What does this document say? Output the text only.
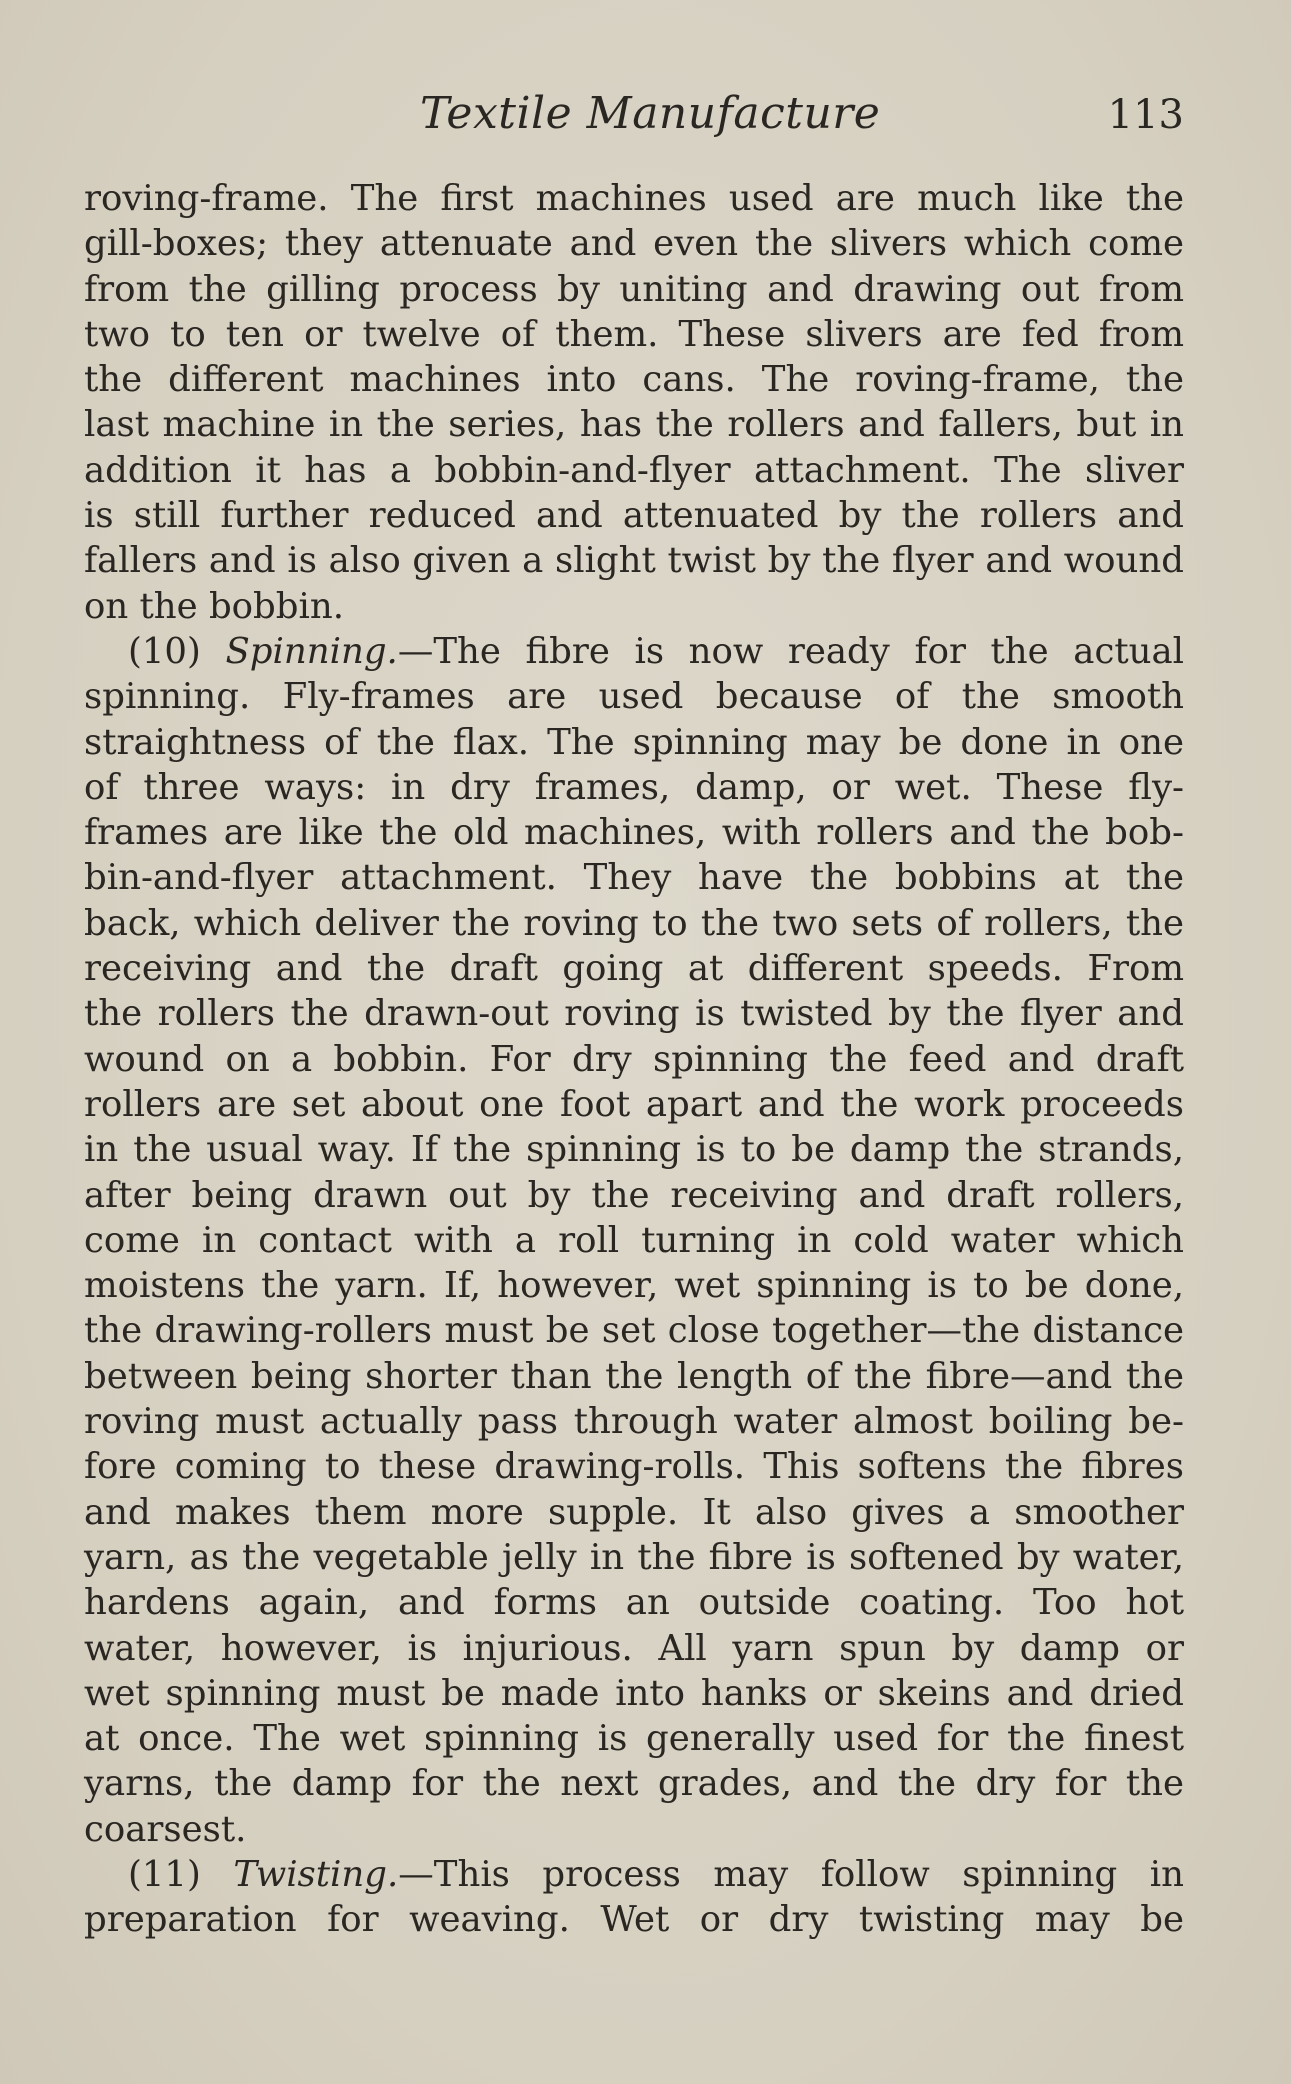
Textile Manufacture	113
roving-frame. The first machines used are much like the
gill-boxes; they attenuate and even the slivers which come
from the gilling process by uniting and drawing out from
two to ten or twelve of them. These slivers are fed from
the different machines into cans. The roving-frame, the
last machine in the series, has the rollers and fallers, but in
addition it has a bobbin-and-flyer attachment. The sliver
is still further reduced and attenuated by the rollers and
fallers and is also given a slight twist by the flyer and wound
on the bobbin.
(10) Spinning.—The fibre is now ready for the actual
spinning. Fly-frames are used because of the smooth
straightness of the flax. The spinning may be done in one
of three ways: in dry frames, damp, or wet. These fly-
frames are like the old machines, with rollers and the bob-
bin-and-flyer attachment. They have the bobbins at the
back, which deliver the roving to the two sets of rollers, the
receiving and the draft going at different speeds. From
the rollers the drawn-out roving is twisted by the flyer and
wound on a bobbin. For dry spinning the feed and draft
rollers are set about one foot apart and the work proceeds
in the usual way. If the spinning is to be damp the strands,
after being drawn out by the receiving and draft rollers,
come in contact with a roll turning in cold water which
moistens the yarn. If, however, wet spinning is to be done,
the drawing-rollers must be set close together—the distance
between being shorter than the length of the fibre—and the
roving must actually pass through water almost boiling be-
fore coming to these drawing-rolls. This softens the fibres
and makes them more supple. It also gives a smoother
yarn, as the vegetable jelly in the fibre is softened by water,
hardens again, and forms an outside coating. Too hot
water, however, is injurious. All yarn spun by damp or
wet spinning must be made into hanks or skeins and dried
at once. The wet spinning is generally used for the finest
yarns, the damp for the next grades, and the dry for the
coarsest.
(11) Twisting.—This process may follow spinning in
preparation for weaving. Wet or dry twisting may be
